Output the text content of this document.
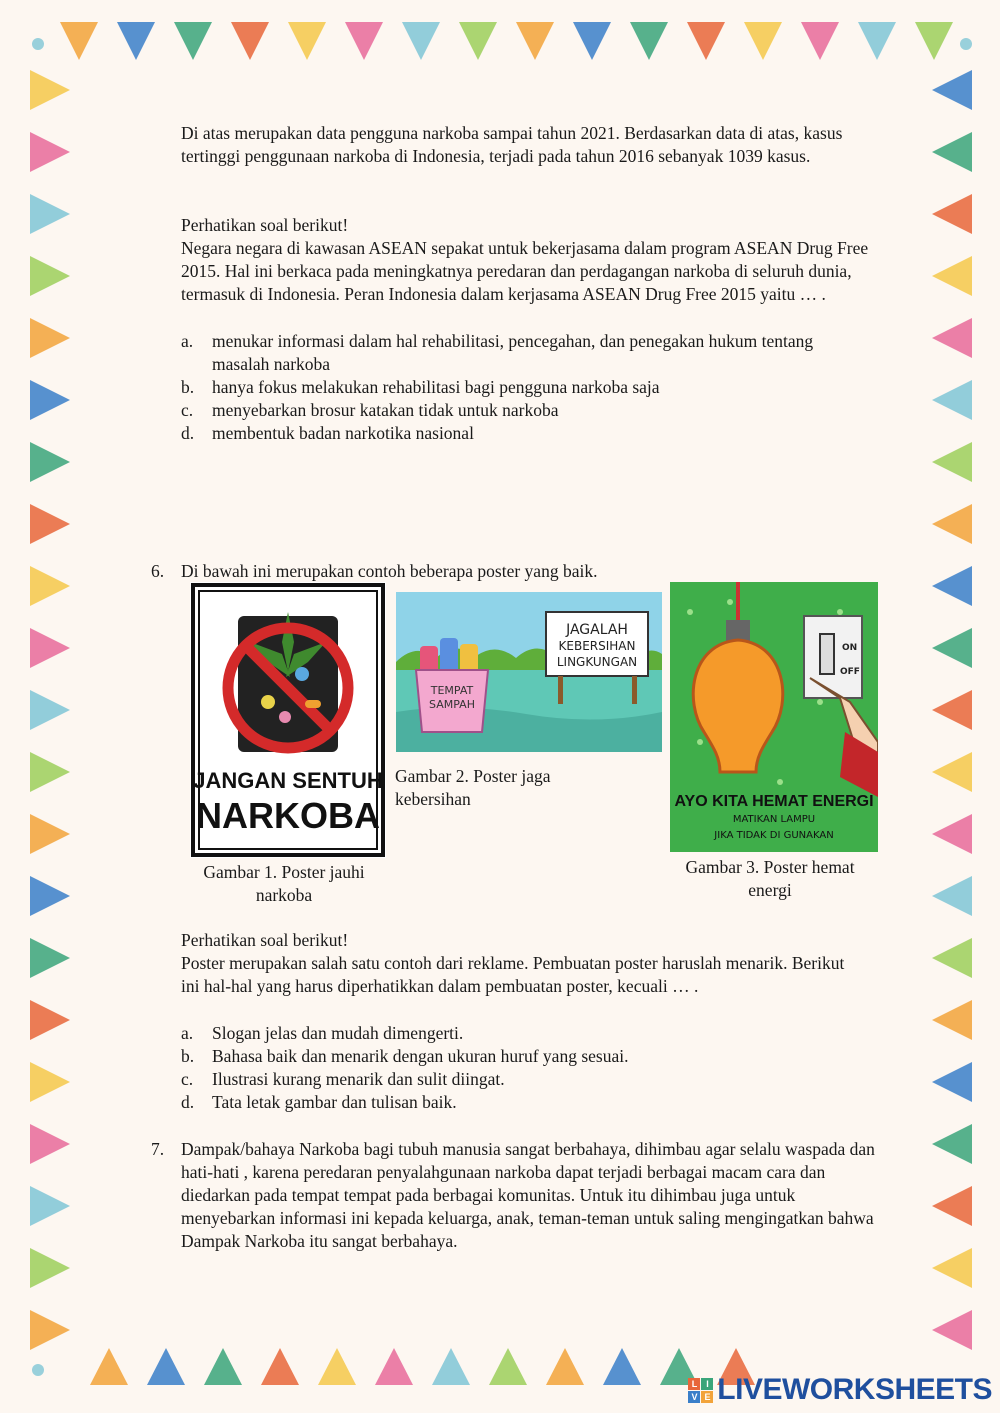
Di atas merupakan data pengguna narkoba sampai tahun 2021. Berdasarkan data di atas, kasus tertinggi penggunaan narkoba di Indonesia, terjadi pada tahun 2016 sebanyak 1039 kasus.
Perhatikan soal berikut!
Negara negara di kawasan ASEAN sepakat untuk bekerjasama dalam program ASEAN Drug Free 2015. Hal ini berkaca pada meningkatnya peredaran dan perdagangan narkoba di seluruh dunia, termasuk di Indonesia. Peran Indonesia dalam kerjasama ASEAN Drug Free 2015 yaitu … .
a. menukar informasi dalam hal rehabilitasi, pencegahan, dan penegakan hukum tentang masalah narkoba
b. hanya fokus melakukan rehabilitasi bagi pengguna narkoba saja
c. menyebarkan brosur katakan tidak untuk narkoba
d. membentuk badan narkotika nasional
6. Di bawah ini merupakan contoh beberapa poster yang baik.
JANGAN SENTUH
NARKOBA
Gambar 1. Poster jauhi narkoba
JAGALAH
KEBERSIHAN
LINGKUNGAN
TEMPAT
SAMPAH
Gambar 2. Poster jaga kebersihan
ON
OFF
AYO KITA HEMAT ENERGI
MATIKAN LAMPU
JIKA TIDAK DI GUNAKAN
Gambar 3. Poster hemat energi
Perhatikan soal berikut!
Poster merupakan salah satu contoh dari reklame. Pembuatan poster haruslah menarik. Berikut ini hal-hal yang harus diperhatikkan dalam pembuatan poster, kecuali … .
a. Slogan jelas dan mudah dimengerti.
b. Bahasa baik dan menarik dengan ukuran huruf yang sesuai.
c. Ilustrasi kurang menarik dan sulit diingat.
d. Tata letak gambar dan tulisan baik.
7. Dampak/bahaya Narkoba bagi tubuh manusia sangat berbahaya, dihimbau agar selalu waspada dan hati-hati , karena peredaran penyalahgunaan narkoba dapat terjadi berbagai macam cara dan diedarkan pada tempat tempat pada berbagai komunitas. Untuk itu dihimbau juga untuk menyebarkan informasi ini kepada keluarga, anak, teman-teman untuk saling mengingatkan bahwa Dampak Narkoba itu sangat berbahaya.
L	I
V E LIVEWORKSHEETS
